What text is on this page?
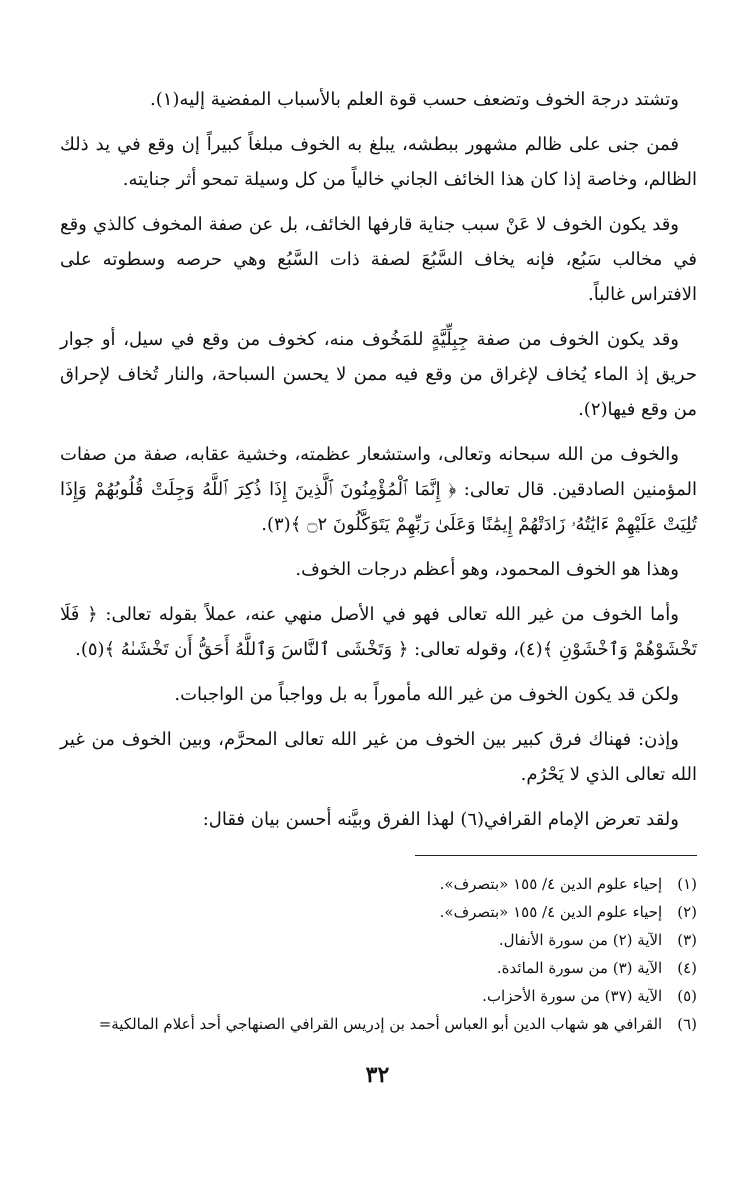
وتشتد درجة الخوف وتضعف حسب قوة العلم بالأسباب المفضية إليه(١).

فمن جنى على ظالم مشهور ببطشه، يبلغ به الخوف مبلغاً كبيراً إن وقع في يد ذلك الظالم، وخاصة إذا كان هذا الخائف الجاني خالياً من كل وسيلة تمحو أثر جنايته.

وقد يكون الخوف لا عَنْ سبب جناية قارفها الخائف، بل عن صفة المخوف كالذي وقع في مخالب سَبُع، فإنه يخاف السَّبُعَ لصفة ذات السَّبُع وهي حرصه وسطوته على الافتراس غالباً.

وقد يكون الخوف من صفة جِبِلِّيَّةٍ للمَخُوف منه، كخوف من وقع في سيل، أو جوار حريق إذ الماء يُخاف لإغراق من وقع فيه ممن لا يحسن السباحة، والنار تُخاف لإحراق من وقع فيها(٢).

والخوف من الله سبحانه وتعالى، واستشعار عظمته، وخشية عقابه، صفة من صفات المؤمنين الصادقين. قال تعالى: ﴿ إِنَّمَا ٱلْمُؤْمِنُونَ ٱلَّذِينَ إِذَا ذُكِرَ ٱللَّهُ وَجِلَتْ قُلُوبُهُمْ وَإِذَا تُلِيَتْ عَلَيْهِمْ ءَايَٰتُهُۥ زَادَتْهُمْ إِيمَٰنًا وَعَلَىٰ رَبِّهِمْ يَتَوَكَّلُونَ ۝٢ ﴾(٣).

وهذا هو الخوف المحمود، وهو أعظم درجات الخوف.

وأما الخوف من غير الله تعالى فهو في الأصل منهي عنه، عملاً بقوله تعالى: ﴿ فَلَا تَخْشَوْهُمْ وَٱخْشَوْنِ ﴾(٤)، وقوله تعالى: ﴿ وَتَخْشَى ٱلنَّاسَ وَٱللَّهُ أَحَقُّ أَن تَخْشَىٰهُ ﴾(٥).

ولكن قد يكون الخوف من غير الله مأموراً به بل وواجباً من الواجبات.

وإذن: فهناك فرق كبير بين الخوف من غير الله تعالى المحرَّم، وبين الخوف من غير الله تعالى الذي لا يَحْرُم.

ولقد تعرض الإمام القرافي(٦) لهذا الفرق وبيَّنه أحسن بيان فقال:

(١) إحياء علوم الدين ٤/ ١٥٥ «بتصرف».

(٢) إحياء علوم الدين ٤/ ١٥٥ «بتصرف».

(٣) الآية (٢) من سورة الأنفال.

(٤) الآية (٣) من سورة المائدة.

(٥) الآية (٣٧) من سورة الأحزاب.

(٦) القرافي هو شهاب الدين أبو العباس أحمد بن إدريس القرافي الصنهاجي أحد أعلام المالكية=

٣٢
